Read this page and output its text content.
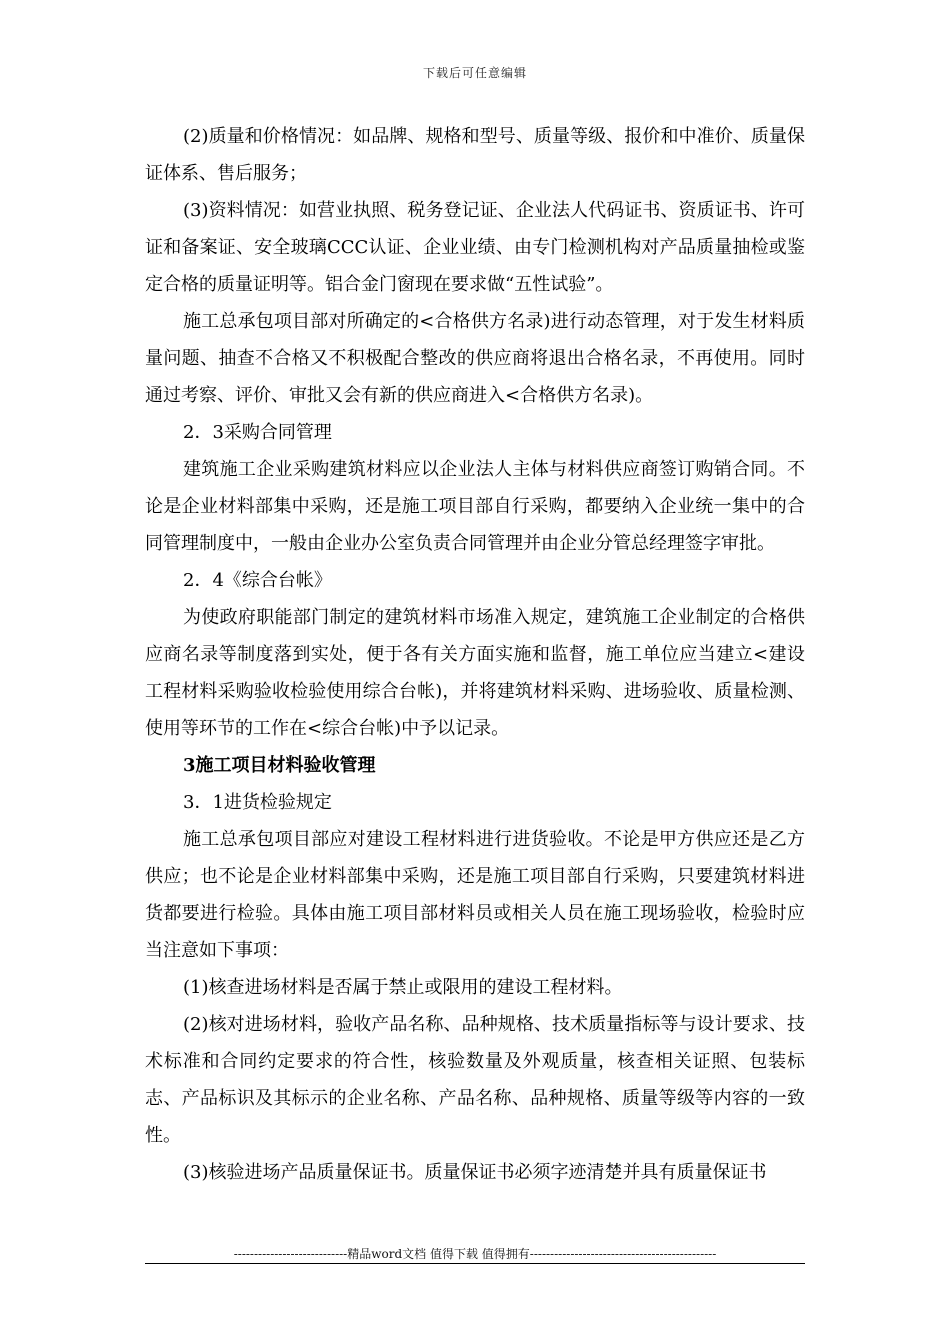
下载后可任意编辑

(2)质量和价格情况：如品牌、规格和型号、质量等级、报价和中准价、质量保证体系、售后服务；

(3)资料情况：如营业执照、税务登记证、企业法人代码证书、资质证书、许可证和备案证、安全玻璃CCC认证、企业业绩、由专门检测机构对产品质量抽检或鉴定合格的质量证明等。铝合金门窗现在要求做“五性试验”。

施工总承包项目部对所确定的<合格供方名录)进行动态管理，对于发生材料质量问题、抽查不合格又不积极配合整改的供应商将退出合格名录，不再使用。同时通过考察、评价、审批又会有新的供应商进入<合格供方名录)。

2．3采购合同管理

建筑施工企业采购建筑材料应以企业法人主体与材料供应商签订购销合同。不论是企业材料部集中采购，还是施工项目部自行采购，都要纳入企业统一集中的合同管理制度中，一般由企业办公室负责合同管理并由企业分管总经理签字审批。

2．4《综合台帐》

为使政府职能部门制定的建筑材料市场准入规定，建筑施工企业制定的合格供应商名录等制度落到实处，便于各有关方面实施和监督，施工单位应当建立<建设工程材料采购验收检验使用综合台帐)，并将建筑材料采购、进场验收、质量检测、使用等环节的工作在<综合台帐)中予以记录。

3施工项目材料验收管理

3．1进货检验规定

施工总承包项目部应对建设工程材料进行进货验收。不论是甲方供应还是乙方供应；也不论是企业材料部集中采购，还是施工项目部自行采购，只要建筑材料进货都要进行检验。具体由施工项目部材料员或相关人员在施工现场验收，检验时应当注意如下事项：

(1)核查进场材料是否属于禁止或限用的建设工程材料。

(2)核对进场材料，验收产品名称、品种规格、技术质量指标等与设计要求、技术标准和合同约定要求的符合性，核验数量及外观质量，核查相关证照、包装标志、产品标识及其标示的企业名称、产品名称、品种规格、质量等级等内容的一致性。

(3)核验进场产品质量保证书。质量保证书必须字迹清楚并具有质量保证书

----------------------------精品word文档 值得下载 值得拥有----------------------------------------------
